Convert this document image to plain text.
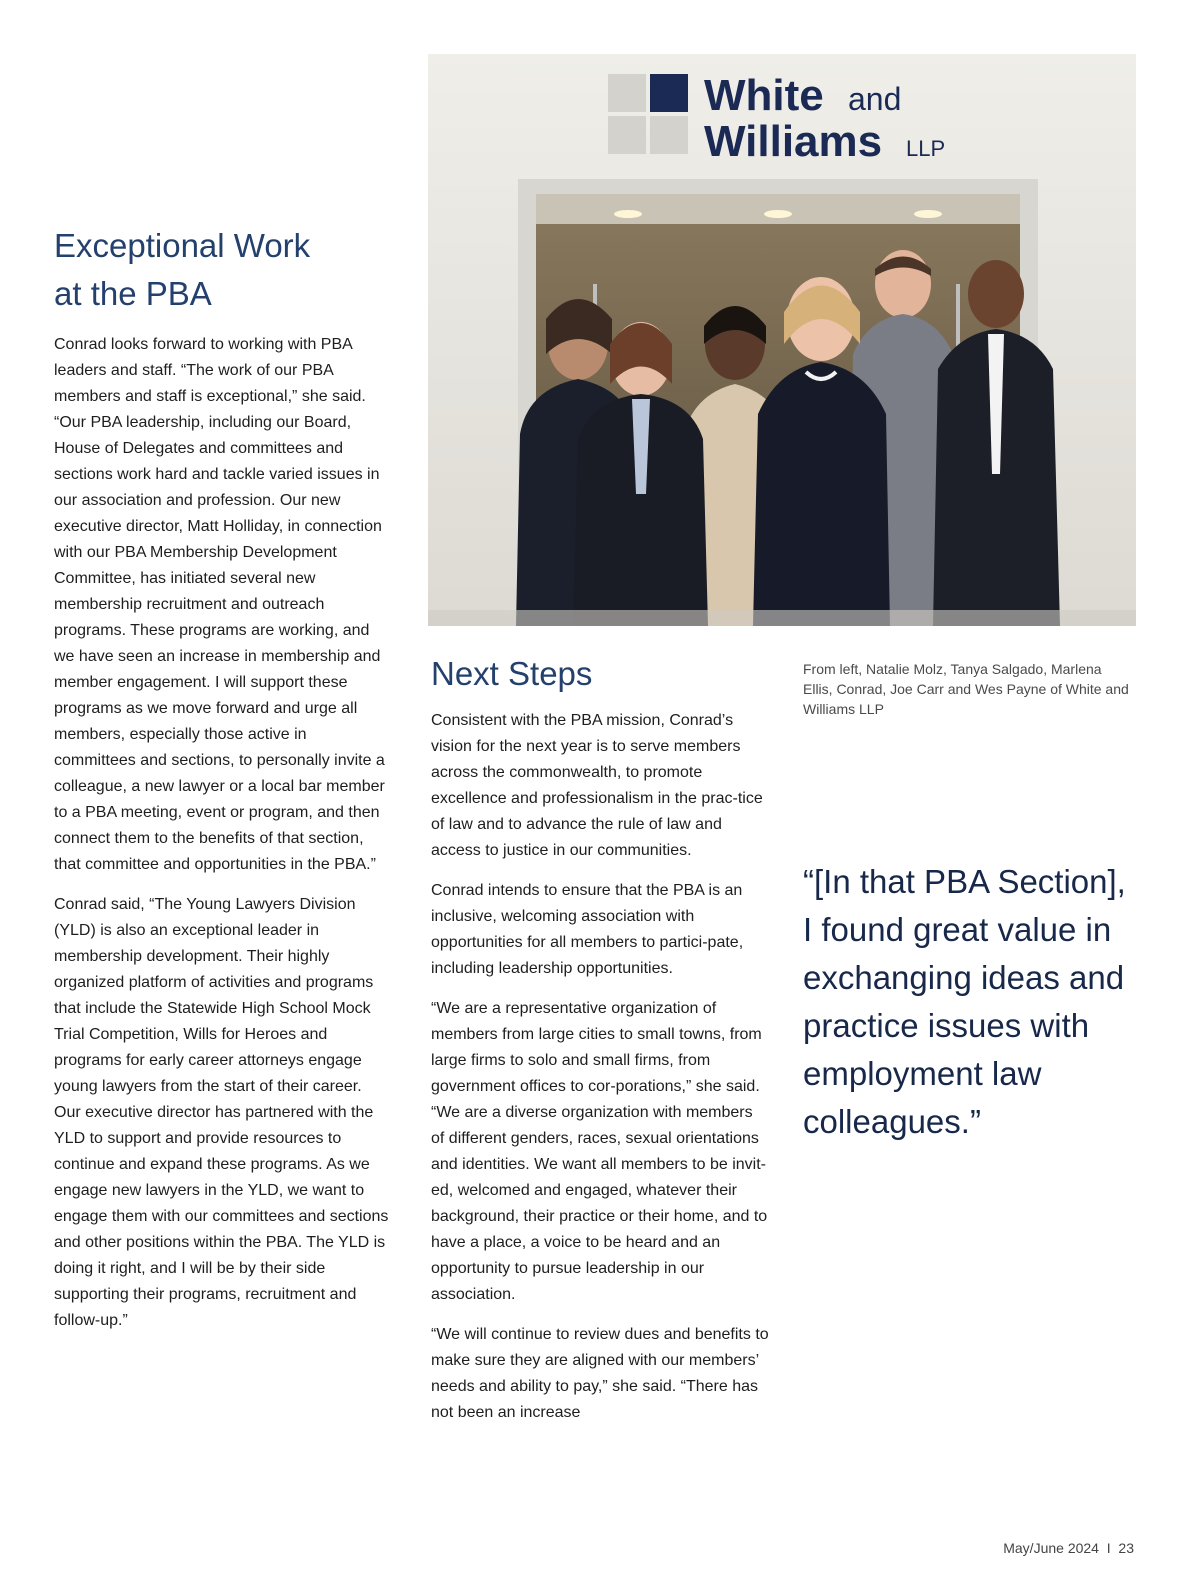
Exceptional Work
at the PBA

Conrad looks forward to working with PBA leaders and staff. “The work of our PBA members and staff is exceptional,” she said. “Our PBA leadership, including our Board, House of Delegates and committees and sections work hard and tackle varied issues in our association and profession. Our new executive director, Matt Holliday, in connection with our PBA Membership Development Committee, has initiated several new membership recruitment and outreach programs. These programs are working, and we have seen an increase in membership and member engagement. I will support these programs as we move forward and urge all members, especially those active in committees and sections, to personally invite a colleague, a new lawyer or a local bar member to a PBA meeting, event or program, and then connect them to the benefits of that section, that committee and opportunities in the PBA.”

Conrad said, “The Young Lawyers Division (YLD) is also an exceptional leader in membership development. Their highly organized platform of activities and programs that include the Statewide High School Mock Trial Competition, Wills for Heroes and programs for early career attorneys engage young lawyers from the start of their career. Our executive director has partnered with the YLD to support and provide resources to continue and expand these programs. As we engage new lawyers in the YLD, we want to engage them with our committees and sections and other positions within the PBA. The YLD is doing it right, and I will be by their side supporting their programs, recruitment and follow-up.”

White and
Williams LLP
Next Steps

Consistent with the PBA mission, Conrad’s vision for the next year is to serve members across the commonwealth, to promote excellence and professionalism in the prac-tice of law and to advance the rule of law and access to justice in our communities.

Conrad intends to ensure that the PBA is an inclusive, welcoming association with opportunities for all members to partici-pate, including leadership opportunities.

“We are a representative organization of members from large cities to small towns, from large firms to solo and small firms, from government offices to cor-porations,” she said. “We are a diverse organization with members of different genders, races, sexual orientations and identities. We want all members to be invit-ed, welcomed and engaged, whatever their background, their practice or their home, and to have a place, a voice to be heard and an opportunity to pursue leadership in our association.

“We will continue to review dues and benefits to make sure they are aligned with our members’ needs and ability to pay,” she said. “There has not been an increase

From left, Natalie Molz, Tanya Salgado, Marlena Ellis, Conrad, Joe Carr and Wes Payne of White and Williams LLP

“[In that PBA Section], I found great value in exchanging ideas and practice issues with employment law colleagues.”
May/June 2024 I 23
